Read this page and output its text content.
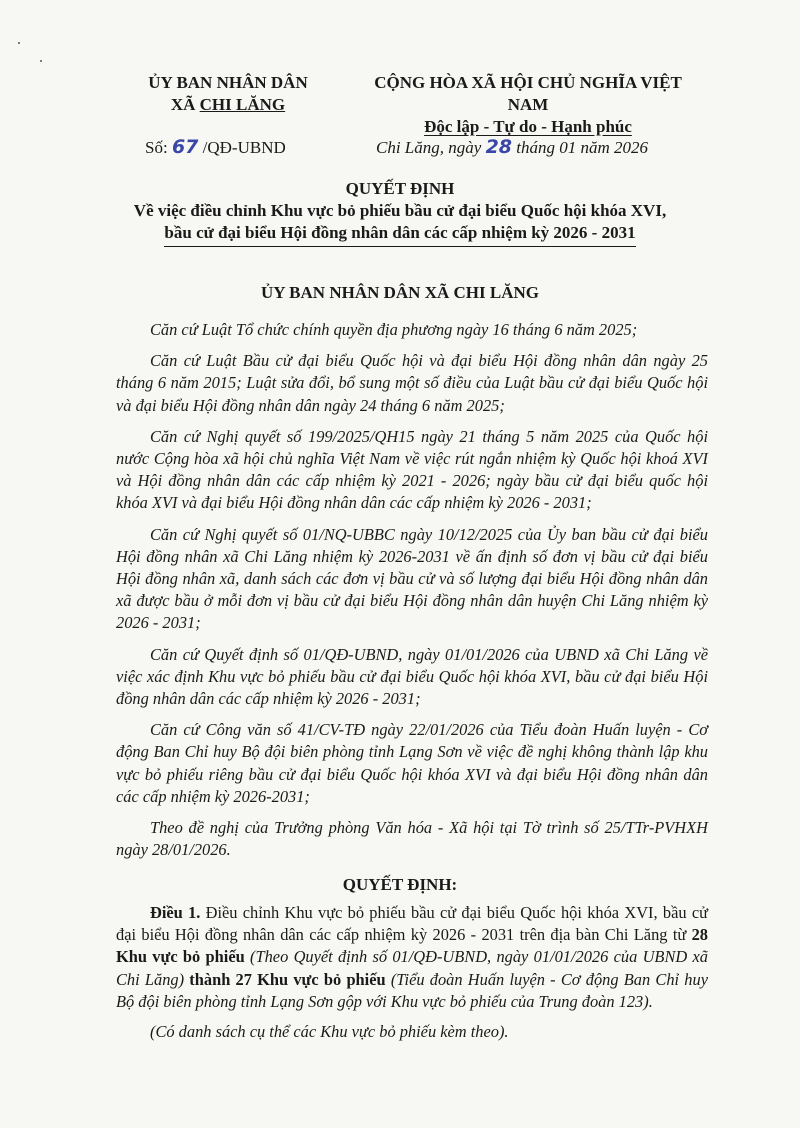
ỦY BAN NHÂN DÂN
XÃ CHI LĂNG
CỘNG HÒA XÃ HỘI CHỦ NGHĨA VIỆT NAM
Độc lập - Tự do - Hạnh phúc
Số: 67 /QĐ-UBND	Chi Lăng, ngày 28 tháng 01 năm 2026
QUYẾT ĐỊNH
Về việc điều chỉnh Khu vực bỏ phiếu bầu cử đại biểu Quốc hội khóa XVI,
bầu cử đại biểu Hội đồng nhân dân các cấp nhiệm kỳ 2026 - 2031
ỦY BAN NHÂN DÂN XÃ CHI LĂNG

Căn cứ Luật Tổ chức chính quyền địa phương ngày 16 tháng 6 năm 2025;

Căn cứ Luật Bầu cử đại biểu Quốc hội và đại biểu Hội đồng nhân dân ngày 25 tháng 6 năm 2015; Luật sửa đổi, bổ sung một số điều của Luật bầu cử đại biểu Quốc hội và đại biểu Hội đồng nhân dân ngày 24 tháng 6 năm 2025;

Căn cứ Nghị quyết số 199/2025/QH15 ngày 21 tháng 5 năm 2025 của Quốc hội nước Cộng hòa xã hội chủ nghĩa Việt Nam về việc rút ngắn nhiệm kỳ Quốc hội khoá XVI và Hội đồng nhân dân các cấp nhiệm kỳ 2021 - 2026; ngày bầu cử đại biểu quốc hội khóa XVI và đại biểu Hội đồng nhân dân các cấp nhiệm kỳ 2026 - 2031;

Căn cứ Nghị quyết số 01/NQ-UBBC ngày 10/12/2025 của Ủy ban bầu cử đại biểu Hội đồng nhân xã Chi Lăng nhiệm kỳ 2026-2031 về ấn định số đơn vị bầu cử đại biểu Hội đồng nhân xã, danh sách các đơn vị bầu cử và số lượng đại biểu Hội đồng nhân dân xã được bầu ở mỗi đơn vị bầu cử đại biểu Hội đồng nhân dân huyện Chi Lăng nhiệm kỳ 2026 - 2031;

Căn cứ Quyết định số 01/QĐ-UBND, ngày 01/01/2026 của UBND xã Chi Lăng về việc xác định Khu vực bỏ phiếu bầu cử đại biểu Quốc hội khóa XVI, bầu cử đại biểu Hội đồng nhân dân các cấp nhiệm kỳ 2026 - 2031;

Căn cứ Công văn số 41/CV-TĐ ngày 22/01/2026 của Tiểu đoàn Huấn luyện - Cơ động Ban Chỉ huy Bộ đội biên phòng tỉnh Lạng Sơn về việc đề nghị không thành lập khu vực bỏ phiếu riêng bầu cử đại biểu Quốc hội khóa XVI và đại biểu Hội đồng nhân dân các cấp nhiệm kỳ 2026-2031;

Theo đề nghị của Trưởng phòng Văn hóa - Xã hội tại Tờ trình số 25/TTr-PVHXH ngày 28/01/2026.

QUYẾT ĐỊNH:

Điều 1. Điều chỉnh Khu vực bỏ phiếu bầu cử đại biểu Quốc hội khóa XVI, bầu cử đại biểu Hội đồng nhân dân các cấp nhiệm kỳ 2026 - 2031 trên địa bàn Chi Lăng từ 28 Khu vực bỏ phiếu (Theo Quyết định số 01/QĐ-UBND, ngày 01/01/2026 của UBND xã Chi Lăng) thành 27 Khu vực bỏ phiếu (Tiểu đoàn Huấn luyện - Cơ động Ban Chỉ huy Bộ đội biên phòng tỉnh Lạng Sơn gộp với Khu vực bỏ phiếu của Trung đoàn 123).

(Có danh sách cụ thể các Khu vực bỏ phiếu kèm theo).
